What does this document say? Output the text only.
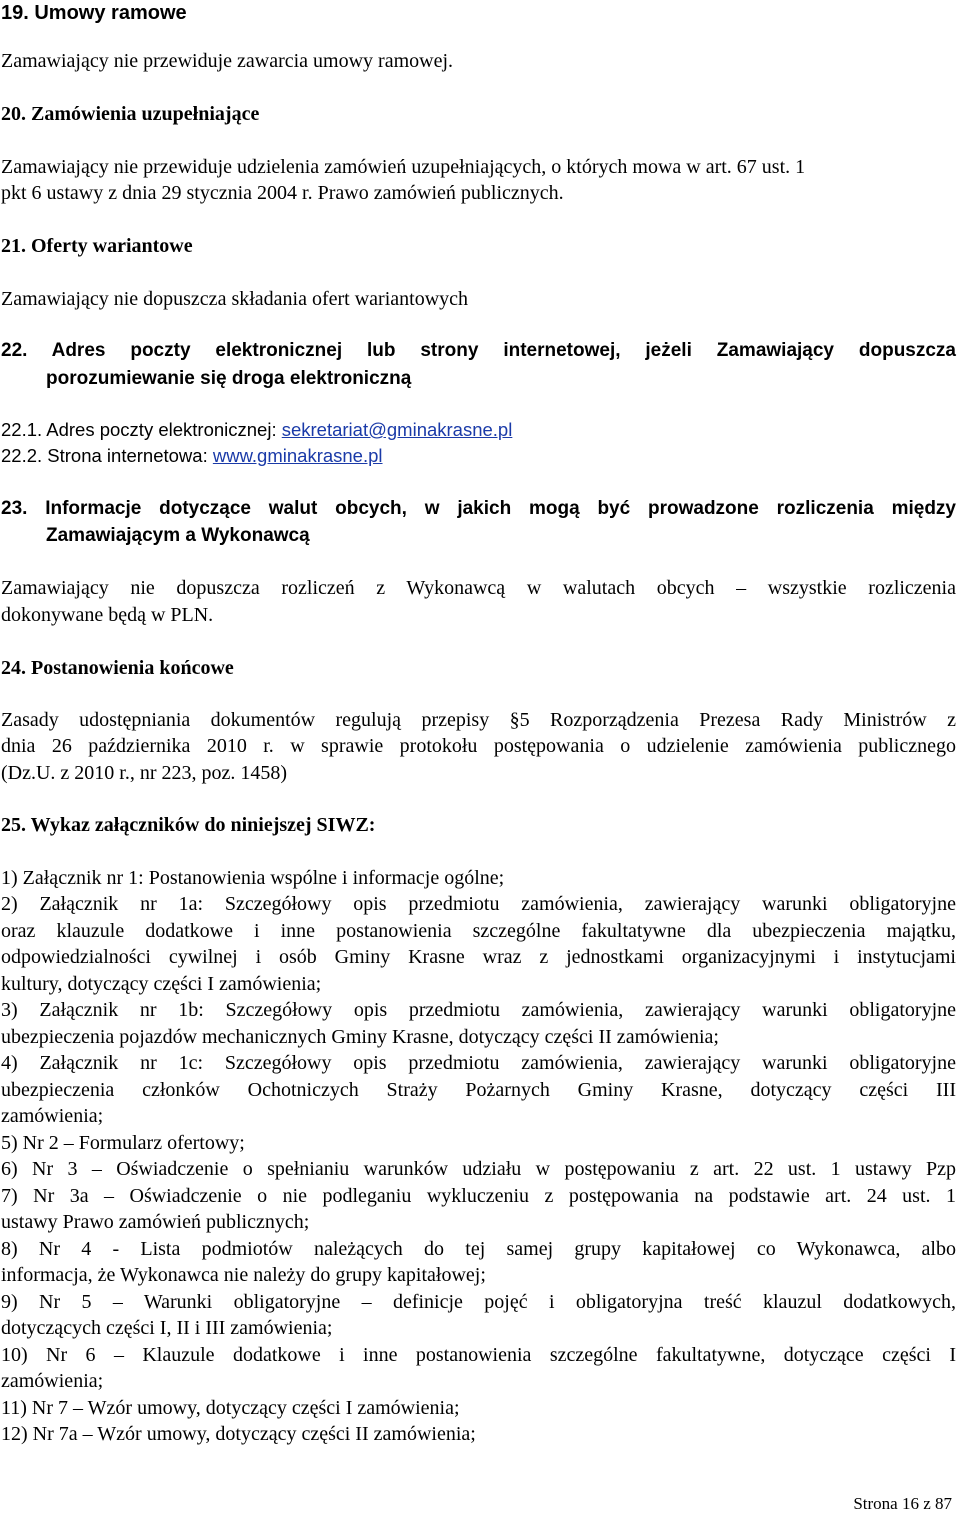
19. Umowy ramowe
Zamawiający nie przewiduje zawarcia umowy ramowej.
20. Zamówienia uzupełniające
Zamawiający nie przewiduje udzielenia zamówień uzupełniających, o których mowa w art. 67 ust. 1
pkt 6 ustawy z dnia 29 stycznia 2004 r. Prawo zamówień publicznych.
21. Oferty wariantowe
Zamawiający nie dopuszcza składania ofert wariantowych
22. Adres poczty elektronicznej lub strony internetowej, jeżeli Zamawiający dopuszcza
porozumiewanie się droga elektroniczną
22.1. Adres poczty elektronicznej: sekretariat@gminakrasne.pl
22.2. Strona internetowa: www.gminakrasne.pl
23. Informacje dotyczące walut obcych, w jakich mogą być prowadzone rozliczenia między
Zamawiającym a Wykonawcą
Zamawiający nie dopuszcza rozliczeń z Wykonawcą w walutach obcych – wszystkie rozliczenia
dokonywane będą w PLN.
24. Postanowienia końcowe
Zasady udostępniania dokumentów regulują przepisy §5 Rozporządzenia Prezesa Rady Ministrów z
dnia 26 października 2010 r. w sprawie protokołu postępowania o udzielenie zamówienia publicznego
(Dz.U. z 2010 r., nr 223, poz. 1458)
25. Wykaz załączników do niniejszej SIWZ:
1) Załącznik nr 1: Postanowienia wspólne i informacje ogólne;
2) Załącznik nr 1a: Szczegółowy opis przedmiotu zamówienia, zawierający warunki obligatoryjne
oraz klauzule dodatkowe i inne postanowienia szczególne fakultatywne dla ubezpieczenia majątku,
odpowiedzialności cywilnej i osób Gminy Krasne wraz z jednostkami organizacyjnymi i instytucjami
kultury, dotyczący części I zamówienia;
3) Załącznik nr 1b: Szczegółowy opis przedmiotu zamówienia, zawierający warunki obligatoryjne
ubezpieczenia pojazdów mechanicznych Gminy Krasne, dotyczący części II zamówienia;
4) Załącznik nr 1c: Szczegółowy opis przedmiotu zamówienia, zawierający warunki obligatoryjne
ubezpieczenia członków Ochotniczych Straży Pożarnych Gminy Krasne, dotyczący części III
zamówienia;
5) Nr 2 – Formularz ofertowy;
6) Nr 3 – Oświadczenie o spełnianiu warunków udziału w postępowaniu z art. 22 ust. 1 ustawy Pzp
7) Nr 3a – Oświadczenie o nie podleganiu wykluczeniu z postępowania na podstawie art. 24 ust. 1
ustawy Prawo zamówień publicznych;
8) Nr 4 - Lista podmiotów należących do tej samej grupy kapitałowej co Wykonawca, albo
informacja, że Wykonawca nie należy do grupy kapitałowej;
9) Nr 5 – Warunki obligatoryjne – definicje pojęć i obligatoryjna treść klauzul dodatkowych,
dotyczących części I, II i III zamówienia;
10) Nr 6 – Klauzule dodatkowe i inne postanowienia szczególne fakultatywne, dotyczące części I
zamówienia;
11) Nr 7 – Wzór umowy, dotyczący części I zamówienia;
12) Nr 7a – Wzór umowy, dotyczący części II zamówienia;
Strona 16 z 87
